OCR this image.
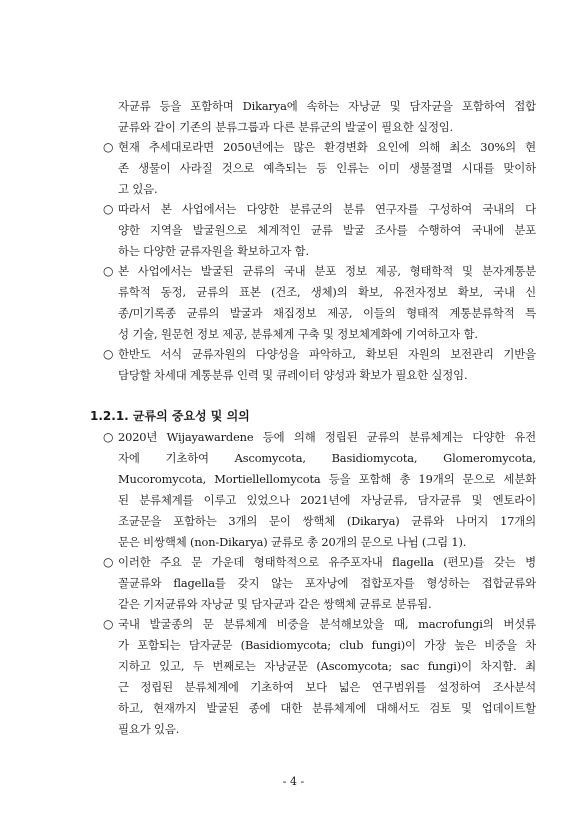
자균류 등을 포함하며 Dikarya에 속하는 자낭균 및 담자균을 포함하여 접합
균류와 같이 기존의 분류그룹과 다른 분류군의 발굴이 필요한 실정임.
○ 현재 추세대로라면 2050년에는 많은 환경변화 요인에 의해 최소 30%의 현
존 생물이 사라질 것으로 예측되는 등 인류는 이미 생물절멸 시대를 맞이하
고 있음.
○ 따라서 본 사업에서는 다양한 분류군의 분류 연구자를 구성하여 국내의 다
양한 지역을 발굴원으로 체계적인 균류 발굴 조사를 수행하여 국내에 분포
하는 다양한 균류자원을 확보하고자 함.
○ 본 사업에서는 발굴된 균류의 국내 분포 정보 제공, 형태학적 및 분자계통분
류학적 동정, 균류의 표본 (건조, 생체)의 확보, 유전자정보 확보, 국내 신
종/미기록종 균류의 발굴과 채집정보 제공, 이들의 형태적 계통분류학적 특
성 기술, 원문헌 정보 제공, 분류체계 구축 및 정보체계화에 기여하고자 함.
○ 한반도 서식 균류자원의 다양성을 파악하고, 확보된 자원의 보전관리 기반을
담당할 차세대 계통분류 인력 및 큐레이터 양성과 확보가 필요한 실정임.
1.2.1. 균류의 중요성 및 의의
○ 2020년 Wijayawardene 등에 의해 정립된 균류의 분류체계는 다양한 유전
자에 기초하여 Ascomycota, Basidiomycota, Glomeromycota,
Mucoromycota, Mortiellellomycota 등을 포함해 총 19개의 문으로 세분화
된 분류체계를 이루고 있었으나 2021년에 자낭균류, 담자균류 및 엔토라이
조균문을 포함하는 3개의 문이 쌍핵체 (Dikarya) 균류와 나머지 17개의
문은 비쌍핵체 (non-Dikarya) 균류로 총 20개의 문으로 나뉨 (그림 1).
○ 이러한 주요 문 가운데 형태학적으로 유주포자내 flagella (편모)를 갖는 병
꼴균류와 flagella를 갖지 않는 포자낭에 접합포자를 형성하는 접합균류와
같은 기저균류와 자낭균 및 담자균과 같은 쌍핵체 균류로 분류됨.
○ 국내 발굴종의 문 분류체계 비중을 분석해보았을 때, macrofungi의 버섯류
가 포함되는 담자균문 (Basidiomycota; club fungi)이 가장 높은 비중을 차
지하고 있고, 두 번째로는 자낭균문 (Ascomycota; sac fungi)이 차지함. 최
근 정립된 분류체계에 기초하여 보다 넓은 연구범위를 설정하여 조사분석
하고, 현재까지 발굴된 종에 대한 분류체계에 대해서도 검토 및 업데이트할
필요가 있음.
- 4 -
